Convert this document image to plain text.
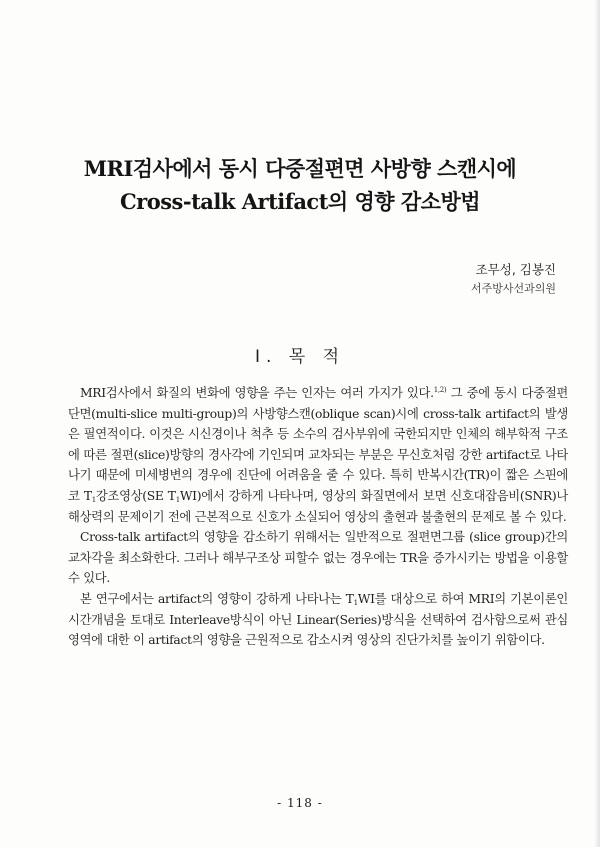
MRI검사에서 동시 다중절편면 사방향 스캔시에
Cross-talk Artifact의 영향 감소방법
조무성, 김봉진
서주방사선과의원
Ⅰ. 목 적

MRI검사에서 화질의 변화에 영향을 주는 인자는 여러 가지가 있다.$^{1,2)}$ 그 중에 동시 다중절편단면(multi-slice multi-group)의 사방향스캔(oblique scan)시에 cross-talk artifact의 발생은 필연적이다. 이것은 시신경이나 척추 등 소수의 검사부위에 국한되지만 인체의 해부학적 구조에 따른 절편(slice)방향의 경사각에 기인되며 교차되는 부분은 무신호처럼 강한 artifact로 나타나기 때문에 미세병변의 경우에 진단에 어려움을 줄 수 있다. 특히 반복시간(TR)이 짧은 스핀에코 $T_1$강조영상(SE $T_1WI$)에서 강하게 나타나며, 영상의 화질면에서 보면 신호대잡음비(SNR)나 해상력의 문제이기 전에 근본적으로 신호가 소실되어 영상의 출현과 불출현의 문제로 볼 수 있다.

Cross-talk artifact의 영향을 감소하기 위해서는 일반적으로 절편면그룹 (slice group)간의 교차각을 최소화한다. 그러나 해부구조상 피할수 없는 경우에는 TR을 증가시키는 방법을 이용할 수 있다.

본 연구에서는 artifact의 영향이 강하게 나타나는 $T_1WI$를 대상으로 하여 MRI의 기본이론인 시간개념을 토대로 Interleave방식이 아닌 Linear(Series)방식을 선택하여 검사함으로써 관심영역에 대한 이 artifact의 영향을 근원적으로 감소시켜 영상의 진단가치를 높이기 위함이다.

- 118 -
